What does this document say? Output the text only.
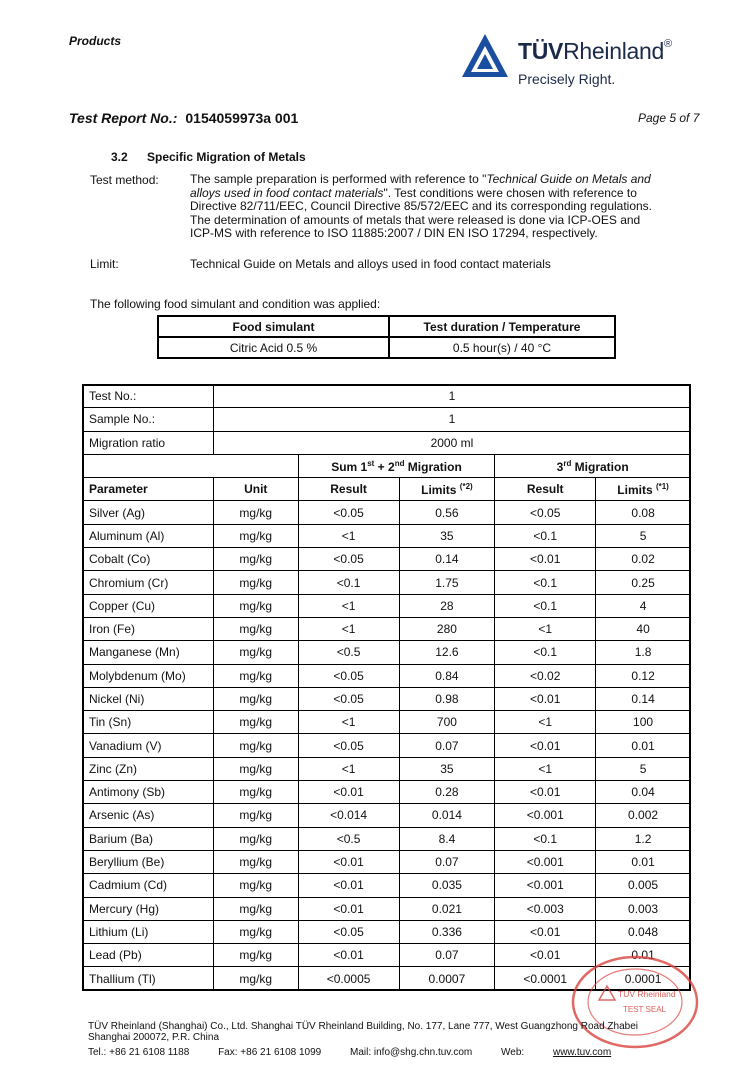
Products	TÜVRheinland®
Precisely Right.
Test Report No.: 0154059973a 001	Page 5 of 7
3.2 Specific Migration of Metals
Test method:	The sample preparation is performed with reference to "Technical Guide on Metals and
alloys used in food contact materials". Test conditions were chosen with reference to
Directive 82/711/EEC, Council Directive 85/572/EEC and its corresponding regulations.
The determination of amounts of metals that were released is done via ICP-OES and
ICP-MS with reference to ISO 11885:2007 / DIN EN ISO 17294, respectively.
Limit:	Technical Guide on Metals and alloys used in food contact materials
The following food simulant and condition was applied:
Food simulant	Test duration / Temperature
Citric Acid 0.5 %	0.5 hour(s) / 40 °C
Test No.:	1				
Sample No.:	1				
Migration ratio	2000 ml				
		Sum 1st + 2nd Migration		3rd Migration	
Parameter	Unit	Result	Limits $^{(*2)}$	Result	Limits $^{(*1)}$
Silver (Ag)	mg/kg	<0.05	0.56	<0.05	0.08
Aluminum (Al)	mg/kg	<1	35	<0.1	5
Cobalt (Co)	mg/kg	<0.05	0.14	<0.01	0.02
Chromium (Cr)	mg/kg	<0.1	1.75	<0.1	0.25
Copper (Cu)	mg/kg	<1	28	<0.1	4
Iron (Fe)	mg/kg	<1	280	<1	40
Manganese (Mn)	mg/kg	<0.5	12.6	<0.1	1.8
Molybdenum (Mo)	mg/kg	<0.05	0.84	<0.02	0.12
Nickel (Ni)	mg/kg	<0.05	0.98	<0.01	0.14
Tin (Sn)	mg/kg	<1	700	<1	100
Vanadium (V)	mg/kg	<0.05	0.07	<0.01	0.01
Zinc (Zn)	mg/kg	<1	35	<1	5
Antimony (Sb)	mg/kg	<0.01	0.28	<0.01	0.04
Arsenic (As)	mg/kg	<0.014	0.014	<0.001	0.002
Barium (Ba)	mg/kg	<0.5	8.4	<0.1	1.2
Beryllium (Be)	mg/kg	<0.01	0.07	<0.001	0.01
Cadmium (Cd)	mg/kg	<0.01	0.035	<0.001	0.005
Mercury (Hg)	mg/kg	<0.01	0.021	<0.003	0.003
Lithium (Li)	mg/kg	<0.05	0.336	<0.01	0.048
Lead (Pb)	mg/kg	<0.01	0.07	<0.01	0.01
Thallium (Tl)	mg/kg	<0.0005	0.0007	<0.0001	0.0001
TÜV Rheinland
TEST SEAL
TÜV Rheinland (Shanghai) Co., Ltd. Shanghai TÜV Rheinland Building, No. 177, Lane 777, West Guangzhong Road Zhabei
Shanghai 200072, P.R. China
Tel.: +86 21 6108 1188	Fax: +86 21 6108 1099	Mail: info@shg.chn.tuv.com	Web:	www.tuv.com
